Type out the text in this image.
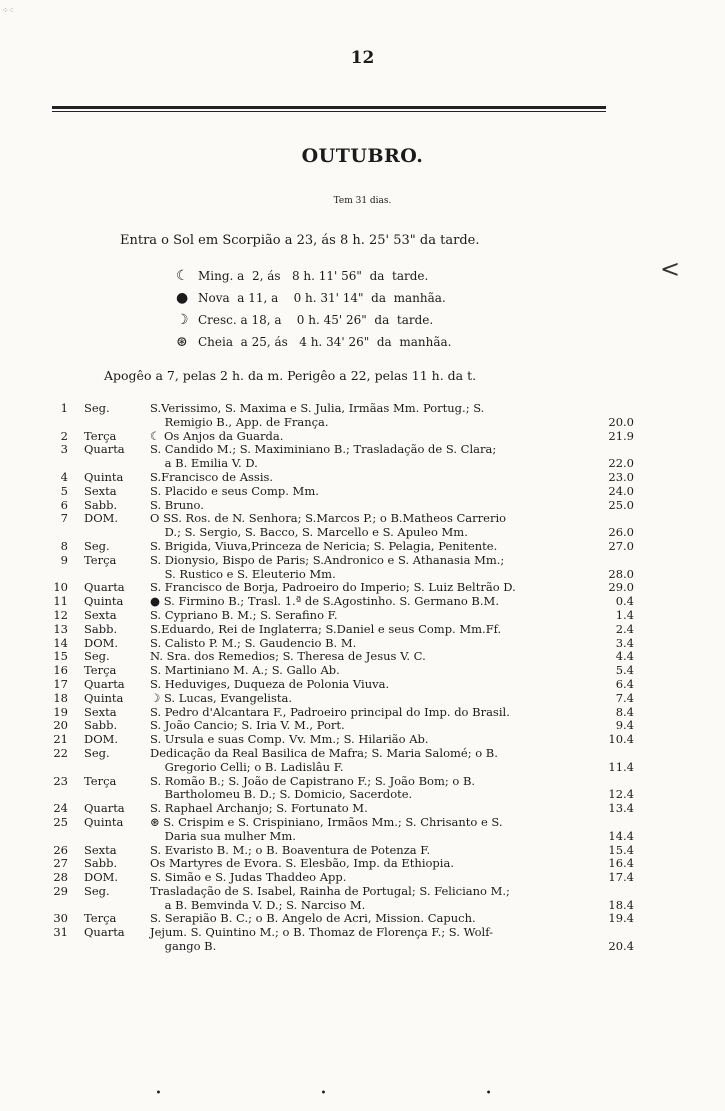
⁘⁖
12
OUTUBRO.
Tem 31 dias.
Entra o Sol em Scorpião a 23, ás 8 h. 25' 53" da tarde.
<
☾ Ming. a  2, ás   8 h. 11' 56"  da  tarde.
● Nova  a 11, a    0 h. 31' 14"  da  manhãa.
☽ Cresc. a 18, a    0 h. 45' 26"  da  tarde.
⊛ Cheia  a 25, ás   4 h. 34' 26"  da  manhãa.
Apogêo a 7, pelas 2 h. da m. Perigêo a 22, pelas 11 h. da t.
1 Seg.	S.Verissimo, S. Maxima e S. Julia, Irmãas Mm. Portug.; S.
Remigio B., App. de França.	20.0
2 Terça	☾ Os Anjos da Guarda.	21.9
3 Quarta	S. Candido M.; S. Maximiniano B.; Trasladação de S. Clara;
a B. Emilia V. D.	22.0
4 Quinta	S.Francisco de Assis.	23.0
5 Sexta	S. Placido e seus Comp. Mm.	24.0
6 Sabb.	S. Bruno.	25.0
7 DOM.	O SS. Ros. de N. Senhora; S.Marcos P.; o B.Matheos Carrerio
D.; S. Sergio, S. Bacco, S. Marcello e S. Apuleo Mm.	26.0
8 Seg.	S. Brigida, Viuva,Princeza de Nericia; S. Pelagia, Penitente.	27.0
9 Terça	S. Dionysio, Bispo de Paris; S.Andronico e S. Athanasia Mm.;
S. Rustico e S. Eleuterio Mm.	28.0
10 Quarta	S. Francisco de Borja, Padroeiro do Imperio; S. Luiz Beltrão D.	29.0
11 Quinta	● S. Firmino B.; Trasl. 1.ª de S.Agostinho. S. Germano B.M.	0.4
12 Sexta	S. Cypriano B. M.; S. Serafino F.	1.4
13 Sabb.	S.Eduardo, Rei de Inglaterra; S.Daniel e seus Comp. Mm.Ff.	2.4
14 DOM.	S. Calisto P. M.; S. Gaudencio B. M.	3.4
15 Seg.	N. Sra. dos Remedios; S. Theresa de Jesus V. C.	4.4
16 Terça	S. Martiniano M. A.; S. Gallo Ab.	5.4
17 Quarta	S. Heduviges, Duqueza de Polonia Viuva.	6.4
18 Quinta	☽ S. Lucas, Evangelista.	7.4
19 Sexta	S. Pedro d'Alcantara F., Padroeiro principal do Imp. do Brasil.	8.4
20 Sabb.	S. João Cancio; S. Iria V. M., Port.	9.4
21 DOM.	S. Ursula e suas Comp. Vv. Mm.; S. Hilarião Ab.	10.4
22 Seg.	Dedicação da Real Basilica de Mafra; S. Maria Salomé; o B.
Gregorio Celli; o B. Ladislâu F.	11.4
23 Terça	S. Romão B.; S. João de Capistrano F.; S. João Bom; o B.
Bartholomeu B. D.; S. Domicio, Sacerdote.	12.4
24 Quarta	S. Raphael Archanjo; S. Fortunato M.	13.4
25 Quinta	⊛ S. Crispim e S. Crispiniano, Irmãos Mm.; S. Chrisanto e S.
Daria sua mulher Mm.	14.4
26 Sexta	S. Evaristo B. M.; o B. Boaventura de Potenza F.	15.4
27 Sabb.	Os Martyres de Evora. S. Elesbão, Imp. da Ethiopia.	16.4
28 DOM.	S. Simão e S. Judas Thaddeo App.	17.4
29 Seg.	Trasladação de S. Isabel, Rainha de Portugal; S. Feliciano M.;
a B. Bemvinda V. D.; S. Narciso M.	18.4
30 Terça	S. Serapião B. C.; o B. Angelo de Acri, Mission. Capuch.	19.4
31 Quarta	Jejum. S. Quintino M.; o B. Thomaz de Florença F.; S. Wolf-
gango B.	20.4
• • •
